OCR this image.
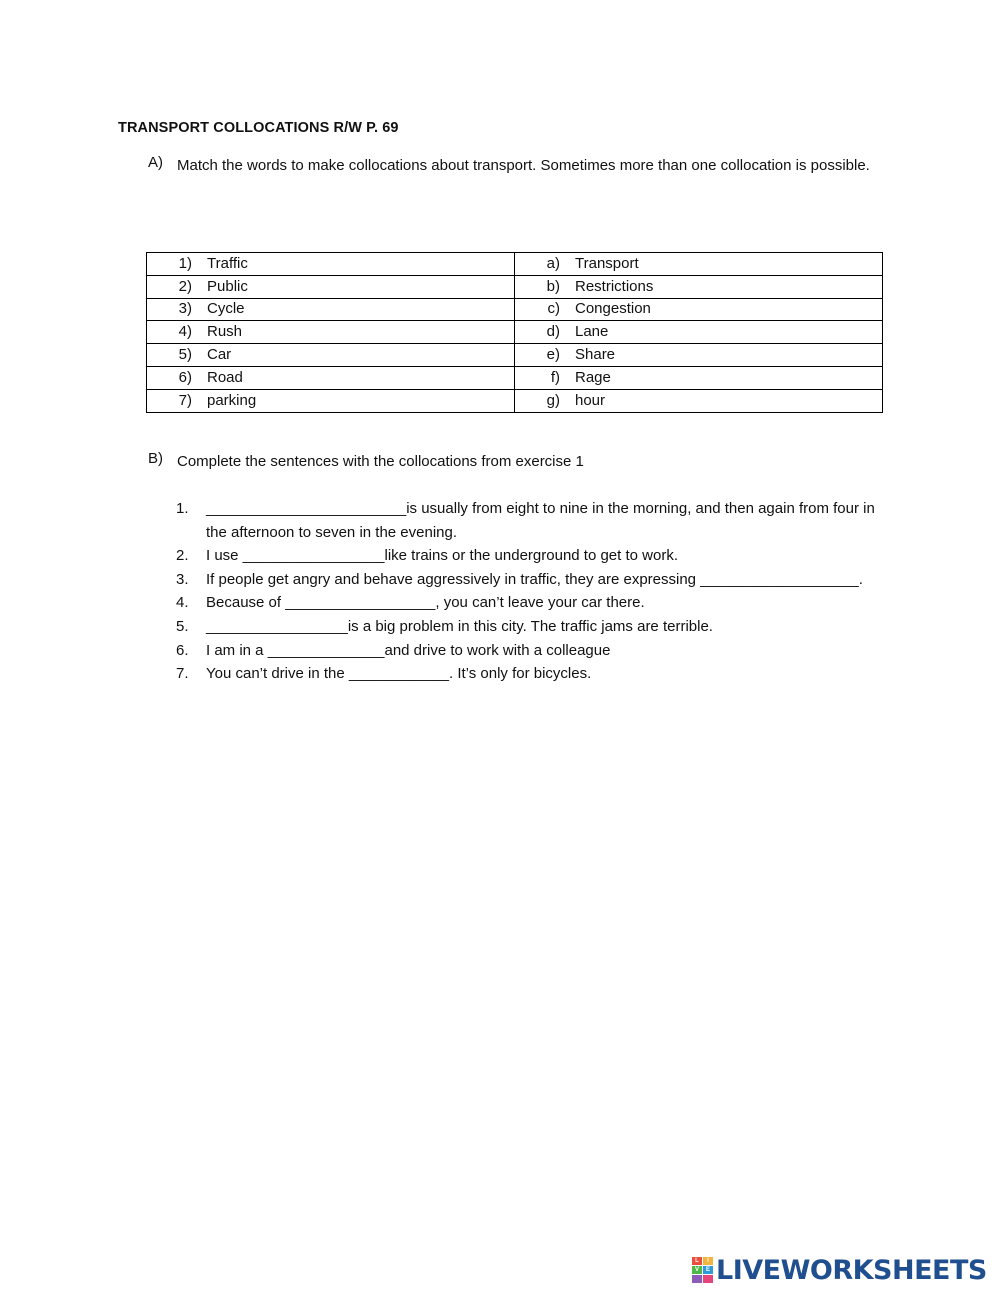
TRANSPORT COLLOCATIONS R/W P. 69
A) Match the words to make collocations about transport. Sometimes more than one collocation is possible.
1) Traffic	a) Transport

2) Public	b) Restrictions

3) Cycle	c) Congestion

4) Rush	d) Lane

5) Car	e) Share

6) Road	f) Rage

7) parking	g) hour
B) Complete the sentences with the collocations from exercise 1
1. ________________________is usually from eight to nine in the morning, and then again from four in the afternoon to seven in the evening.
2. I use _________________like trains or the underground to get to work.
3. If people get angry and behave aggressively in traffic, they are expressing ___________________.
4. Because of __________________, you can’t leave your car there.
5. _________________is a big problem in this city. The traffic jams are terrible.
6. I am in a ______________and drive to work with a colleague
7. You can’t drive in the ____________. It’s only for bicycles.
L	I
V	E LIVEWORKSHEETS
